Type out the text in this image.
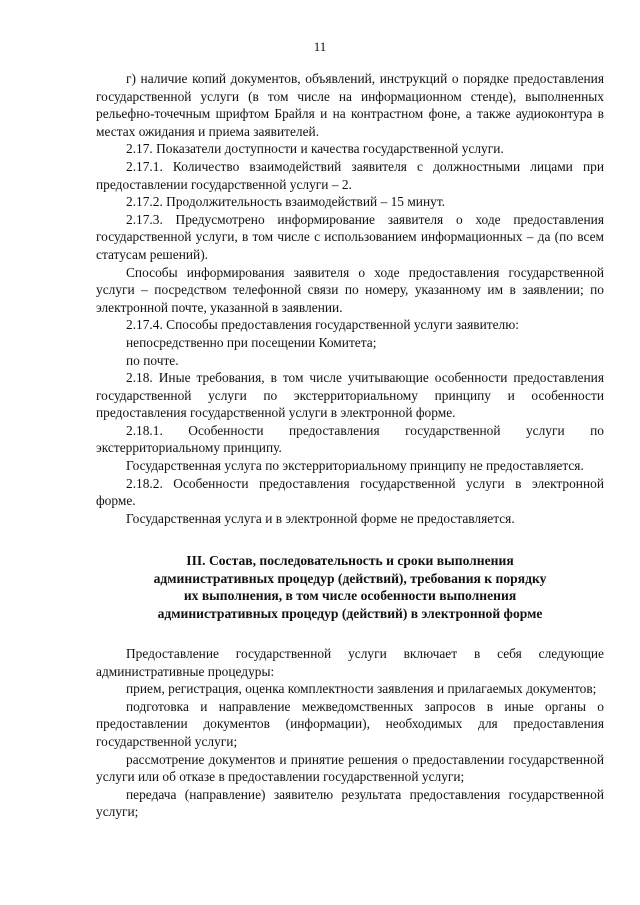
11

г) наличие копий документов, объявлений, инструкций о порядке предоставления государственной услуги (в том числе на информационном стенде), выполненных рельефно-точечным шрифтом Брайля и на контрастном фоне, а также аудиоконтура в местах ожидания и приема заявителей.

2.17. Показатели доступности и качества государственной услуги.

2.17.1. Количество взаимодействий заявителя с должностными лицами при предоставлении государственной услуги – 2.

2.17.2. Продолжительность взаимодействий – 15 минут.

2.17.3. Предусмотрено информирование заявителя о ходе предоставления государственной услуги, в том числе с использованием информационных – да (по всем статусам решений).

Способы информирования заявителя о ходе предоставления государственной услуги – посредством телефонной связи по номеру, указанному им в заявлении; по электронной почте, указанной в заявлении.

2.17.4. Способы предоставления государственной услуги заявителю:

непосредственно при посещении Комитета;

по почте.

2.18. Иные требования, в том числе учитывающие особенности предоставления государственной услуги по экстерриториальному принципу и особенности предоставления государственной услуги в электронной форме.

2.18.1. Особенности предоставления государственной услуги по экстерриториальному принципу.

Государственная услуга по экстерриториальному принципу не предоставляется.

2.18.2. Особенности предоставления государственной услуги в электронной форме.

Государственная услуга и в электронной форме не предоставляется.

III. Состав, последовательность и сроки выполнения
административных процедур (действий), требования к порядку
их выполнения, в том числе особенности выполнения
административных процедур (действий) в электронной форме

Предоставление государственной услуги включает в себя следующие административные процедуры:

прием, регистрация, оценка комплектности заявления и прилагаемых документов;

подготовка и направление межведомственных запросов в иные органы о предоставлении документов (информации), необходимых для предоставления государственной услуги;

рассмотрение документов и принятие решения о предоставлении государственной услуги или об отказе в предоставлении государственной услуги;

передача (направление) заявителю результата предоставления государственной услуги;
